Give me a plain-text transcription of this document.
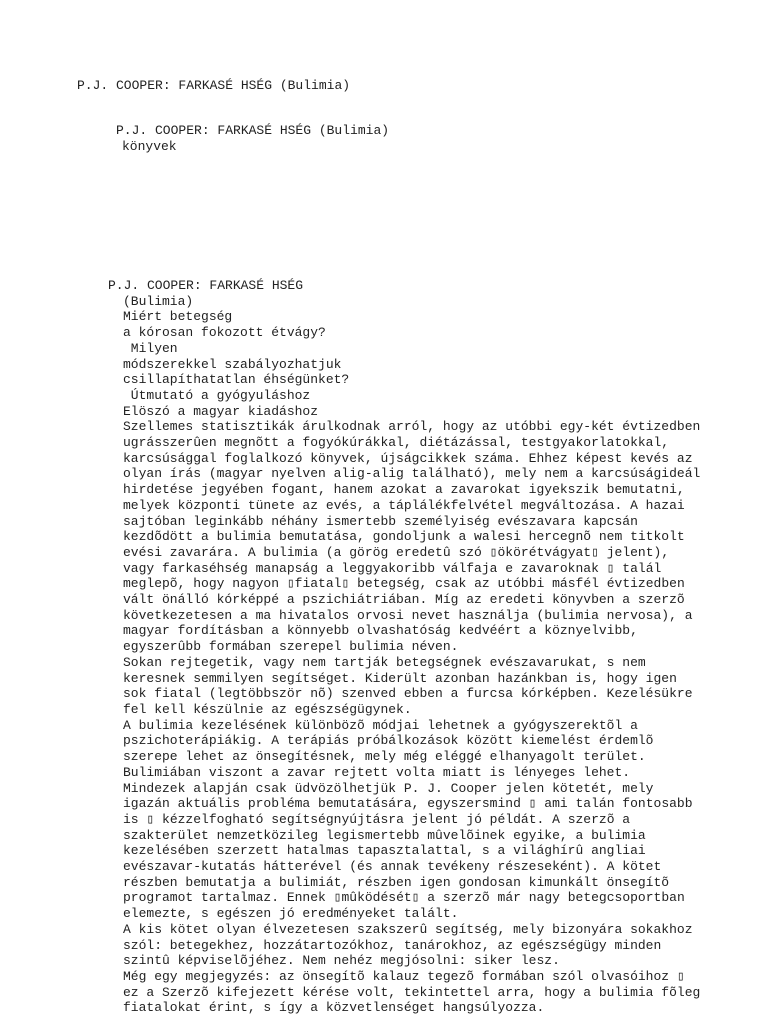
P.J. COOPER: FARKASÉ HSÉG (Bulimia)
P.J. COOPER: FARKASÉ HSÉG (Bulimia)
könyvek
P.J. COOPER: FARKASÉ HSÉG
(Bulimia)
Miért betegség
a kórosan fokozott étvágy?
Milyen
módszerekkel szabályozhatjuk
csillapíthatatlan éhségünket?
Útmutató a gyógyuláshoz
Elöszó a magyar kiadáshoz
Szellemes statisztikák árulkodnak arról, hogy az utóbbi egy-két évtizedben
ugrásszerûen megnõtt a fogyókúrákkal, diétázással, testgyakorlatokkal,
karcsúsággal foglalkozó könyvek, újságcikkek száma. Ehhez képest kevés az
olyan írás (magyar nyelven alig-alig található), mely nem a karcsúságideál
hirdetése jegyében fogant, hanem azokat a zavarokat igyekszik bemutatni,
melyek központi tünete az evés, a táplálékfelvétel megváltozása. A hazai
sajtóban leginkább néhány ismertebb személyiség evészavara kapcsán
kezdõdött a bulimia bemutatása, gondoljunk a walesi hercegnõ nem titkolt
evési zavarára. A bulimia (a görög eredetû szó ▯ökörétvágyat▯ jelent),
vagy farkaséhség manapság a leggyakoribb válfaja e zavaroknak ▯ talál
meglepõ, hogy nagyon ▯fiatal▯ betegség, csak az utóbbi másfél évtizedben
vált önálló kórképpé a pszichiátriában. Míg az eredeti könyvben a szerzõ
következetesen a ma hivatalos orvosi nevet használja (bulimia nervosa), a
magyar fordításban a könnyebb olvashatóság kedvéért a köznyelvibb,
egyszerûbb formában szerepel bulimia néven.
Sokan rejtegetik, vagy nem tartják betegségnek evészavarukat, s nem
keresnek semmilyen segítséget. Kiderült azonban hazánkban is, hogy igen
sok fiatal (legtöbbször nõ) szenved ebben a furcsa kórképben. Kezelésükre
fel kell készülnie az egészségügynek.
A bulimia kezelésének különbözõ módjai lehetnek a gyógyszerektõl a
pszichoterápiákig. A terápiás próbálkozások között kiemelést érdemlõ
szerepe lehet az önsegítésnek, mely még eléggé elhanyagolt terület.
Bulimiában viszont a zavar rejtett volta miatt is lényeges lehet.
Mindezek alapján csak üdvözölhetjük P. J. Cooper jelen kötetét, mely
igazán aktuális probléma bemutatására, egyszersmind ▯ ami talán fontosabb
is ▯ kézzelfogható segítségnyújtásra jelent jó példát. A szerzõ a
szakterület nemzetközileg legismertebb mûvelõinek egyike, a bulimia
kezelésében szerzett hatalmas tapasztalattal, s a világhírû angliai
evészavar-kutatás hátterével (és annak tevékeny részeseként). A kötet
részben bemutatja a bulimiát, részben igen gondosan kimunkált önsegítõ
programot tartalmaz. Ennek ▯mûködését▯ a szerzõ már nagy betegcsoportban
elemezte, s egészen jó eredményeket talált.
A kis kötet olyan élvezetesen szakszerû segítség, mely bizonyára sokakhoz
szól: betegekhez, hozzátartozókhoz, tanárokhoz, az egészségügy minden
szintû képviselõjéhez. Nem nehéz megjósolni: siker lesz.
Még egy megjegyzés: az önsegítõ kalauz tegezõ formában szól olvasóihoz ▯
ez a Szerzõ kifejezett kérése volt, tekintettel arra, hogy a bulimia fõleg
fiatalokat érint, s így a közvetlenséget hangsúlyozza.
